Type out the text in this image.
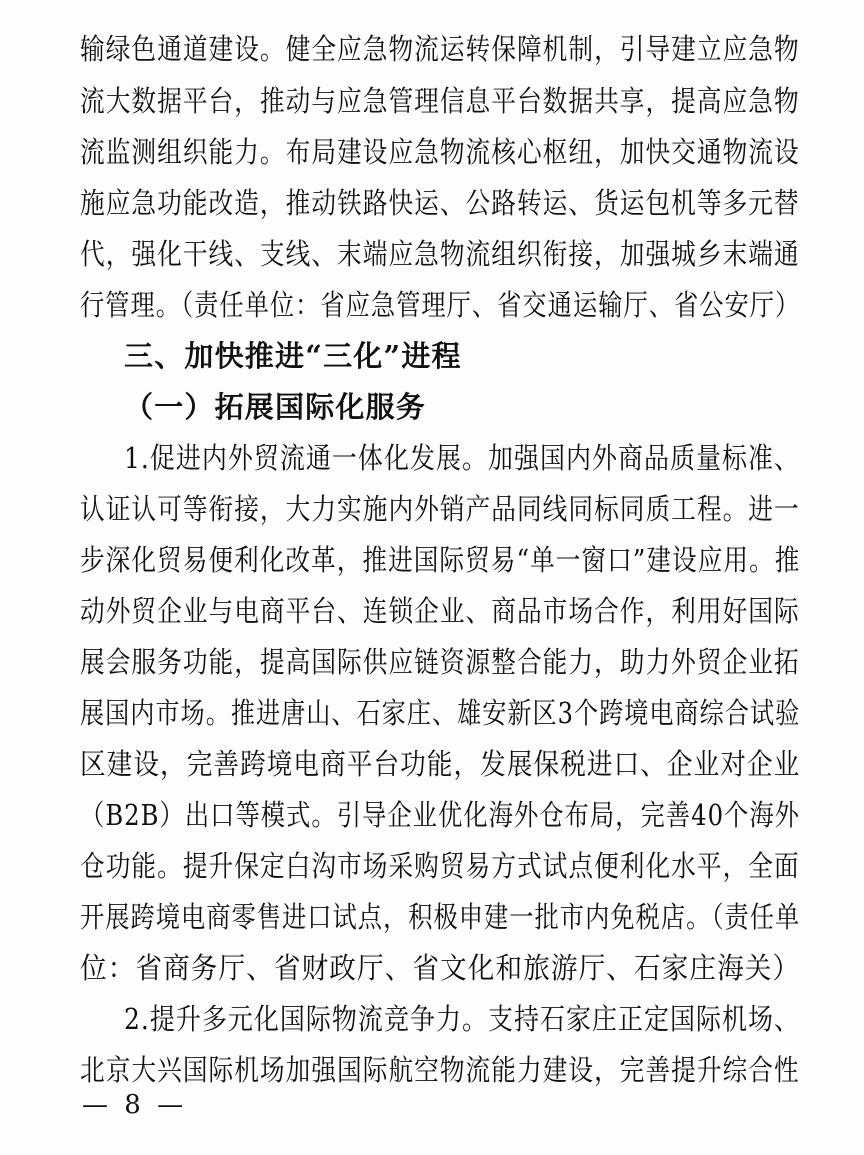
输绿色通道建设。健全应急物流运转保障机制，引导建立应急物
流大数据平台，推动与应急管理信息平台数据共享，提高应急物
流监测组织能力。布局建设应急物流核心枢纽，加快交通物流设
施应急功能改造，推动铁路快运、公路转运、货运包机等多元替
代，强化干线、支线、末端应急物流组织衔接，加强城乡末端通
行管理。（责任单位：省应急管理厅、省交通运输厅、省公安厅）
三、加快推进“三化”进程
（一）拓展国际化服务
1.促进内外贸流通一体化发展。加强国内外商品质量标准、
认证认可等衔接，大力实施内外销产品同线同标同质工程。进一
步深化贸易便利化改革，推进国际贸易“单一窗口”建设应用。推
动外贸企业与电商平台、连锁企业、商品市场合作，利用好国际
展会服务功能，提高国际供应链资源整合能力，助力外贸企业拓
展国内市场。推进唐山、石家庄、雄安新区3个跨境电商综合试验
区建设，完善跨境电商平台功能，发展保税进口、企业对企业
（B2B）出口等模式。引导企业优化海外仓布局，完善40个海外
仓功能。提升保定白沟市场采购贸易方式试点便利化水平，全面
开展跨境电商零售进口试点，积极申建一批市内免税店。（责任单
位：省商务厅、省财政厅、省文化和旅游厅、石家庄海关）
2.提升多元化国际物流竞争力。支持石家庄正定国际机场、
北京大兴国际机场加强国际航空物流能力建设，完善提升综合性
— 8 —
